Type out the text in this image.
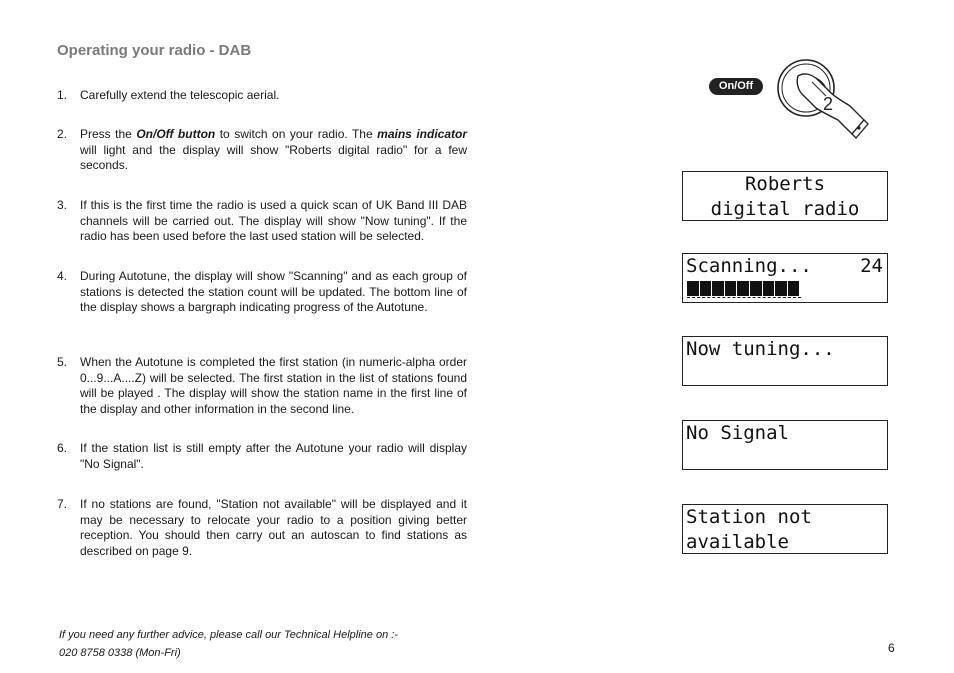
Operating your radio - DAB
1.	Carefully extend the telescopic aerial.
2.	Press the On/Off button to switch on your radio. The mains indicator will light and the display will show "Roberts digital radio" for a few seconds.
3.	If this is the first time the radio is used a quick scan of UK Band III DAB channels will be carried out. The display will show "Now tuning". If the radio has been used before the last used station will be selected.
4.	During Autotune, the display will show "Scanning" and as each group of stations is detected the station count will be updated. The bottom line of the display shows a bargraph indicating progress of the Autotune.
5.	When the Autotune is completed the first station (in numeric-alpha order 0...9...A....Z) will be selected. The first station in the list of stations found will be played . The display will show the station name in the first line of the display and other information in the second line.
6.	If the station list is still empty after the Autotune your radio will display "No Signal".
7.	If no stations are found, "Station not available" will be displayed and it may be necessary to relocate your radio to a position giving better reception. You should then carry out an autoscan to find stations as described on page 9.
If you need any further advice, please call our Technical Helpline on :-
020 8758 0338 (Mon-Fri)	6
On/Off
2
Roberts
digital radio
Scanning...	24
Now tuning...
No Signal
Station not
available
